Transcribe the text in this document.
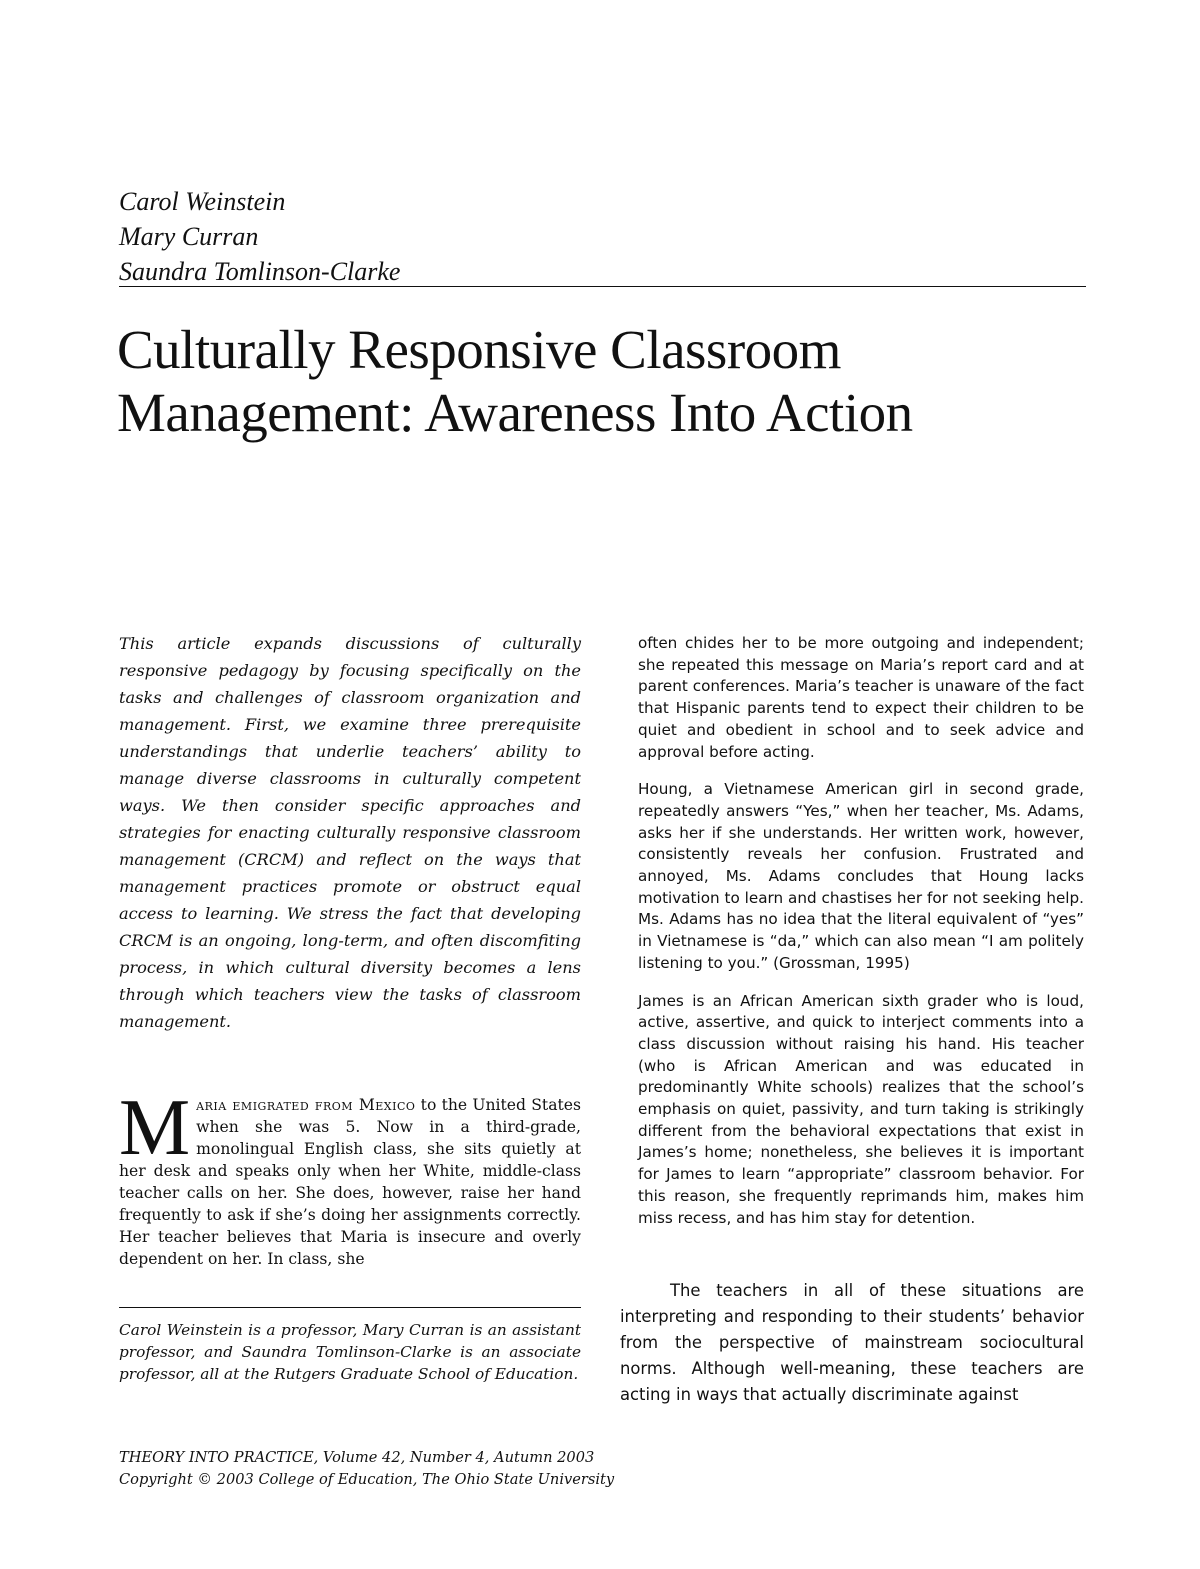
Carol Weinstein
Mary Curran
Saundra Tomlinson-Clarke
Culturally Responsive Classroom
Management: Awareness Into Action
This article expands discussions of culturally responsive pedagogy by focusing specifically on the tasks and challenges of classroom organization and management. First, we examine three prerequisite understandings that underlie teachers’ ability to manage diverse classrooms in culturally competent ways. We then consider specific approaches and strategies for enacting culturally responsive classroom management (CRCM) and reflect on the ways that management practices promote or obstruct equal access to learning. We stress the fact that developing CRCM is an ongoing, long-term, and often discomfiting process, in which cultural diversity becomes a lens through which teachers view the tasks of classroom management.
Maria emigrated from Mexico to the United States when she was 5. Now in a third-grade, monolingual English class, she sits quietly at her desk and speaks only when her White, middle-class teacher calls on her. She does, however, raise her hand frequently to ask if she’s doing her assignments correctly. Her teacher believes that Maria is insecure and overly dependent on her. In class, she
Carol Weinstein is a professor, Mary Curran is an assistant professor, and Saundra Tomlinson-Clarke is an associate professor, all at the Rutgers Graduate School of Education.

often chides her to be more outgoing and independent; she repeated this message on Maria’s report card and at parent conferences. Maria’s teacher is unaware of the fact that Hispanic parents tend to expect their children to be quiet and obedient in school and to seek advice and approval before acting.

Houng, a Vietnamese American girl in second grade, repeatedly answers “Yes,” when her teacher, Ms. Adams, asks her if she understands. Her written work, however, consistently reveals her confusion. Frustrated and annoyed, Ms. Adams concludes that Houng lacks motivation to learn and chastises her for not seeking help. Ms. Adams has no idea that the literal equivalent of “yes” in Vietnamese is “da,” which can also mean “I am politely listening to you.” (Grossman, 1995)

James is an African American sixth grader who is loud, active, assertive, and quick to interject comments into a class discussion without raising his hand. His teacher (who is African American and was educated in predominantly White schools) realizes that the school’s emphasis on quiet, passivity, and turn taking is strikingly different from the behavioral expectations that exist in James’s home; nonetheless, she believes it is important for James to learn “appropriate” classroom behavior. For this reason, she frequently reprimands him, makes him miss recess, and has him stay for detention.

The teachers in all of these situations are interpreting and responding to their students’ behavior from the perspective of mainstream sociocultural norms. Although well-meaning, these teachers are acting in ways that actually discriminate against
THEORY INTO PRACTICE, Volume 42, Number 4, Autumn 2003
Copyright © 2003 College of Education, The Ohio State University
